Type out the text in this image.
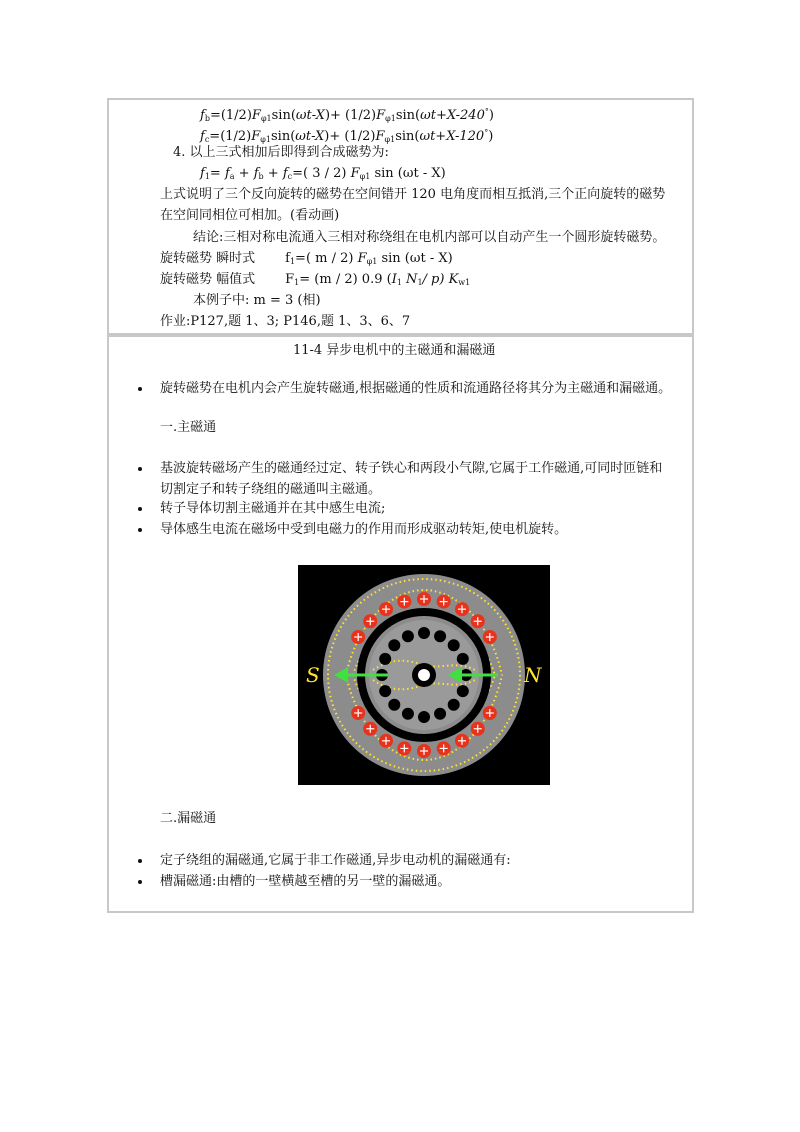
$f_b=(1/2)F_{\varphi 1}\sin(\omega t-X)+ (1/2)F_{\varphi 1}\sin(\omega t+X-240^\circ)$
$f_c=(1/2)F_{\varphi 1}\sin(\omega t-X)+ (1/2)F_{\varphi 1}\sin(\omega t+X-120^\circ)$
4. 以上三式相加后即得到合成磁势为:
$f_1= f_a + f_b + f_c=$( 3 / 2) $F_{\varphi 1}$ sin (ωt - X)
上式说明了三个反向旋转的磁势在空间错开 120 电角度而相互抵消,三个正向旋转的磁势
在空间同相位可相加。(看动画)
结论:三相对称电流通入三相对称绕组在电机内部可以自动产生一个圆形旋转磁势。
旋转磁势 瞬时式 $f_1=$( m / 2) $F_{\varphi 1}$ sin (ωt - X)
旋转磁势 幅值式 $F_1= (m / 2)$ 0.9 ($I_1$ $N_1/$ p) $K_{w1}$
本例子中: m = 3 (相)
作业:P127,题 1、3; P146,题 1、3、6、7
11-4 异步电机中的主磁通和漏磁通
旋转磁势在电机内会产生旋转磁通,根据磁通的性质和流通路径将其分为主磁通和漏磁通。
一.主磁通
基波旋转磁场产生的磁通经过定、转子铁心和两段小气隙,它属于工作磁通,可同时匝链和
切割定子和转子绕组的磁通叫主磁通。
转子导体切割主磁通并在其中感生电流;
导体感生电流在磁场中受到电磁力的作用而形成驱动转矩,使电机旋转。
S	N
二.漏磁通
定子绕组的漏磁通,它属于非工作磁通,异步电动机的漏磁通有:
槽漏磁通:由槽的一壁横越至槽的另一壁的漏磁通。
